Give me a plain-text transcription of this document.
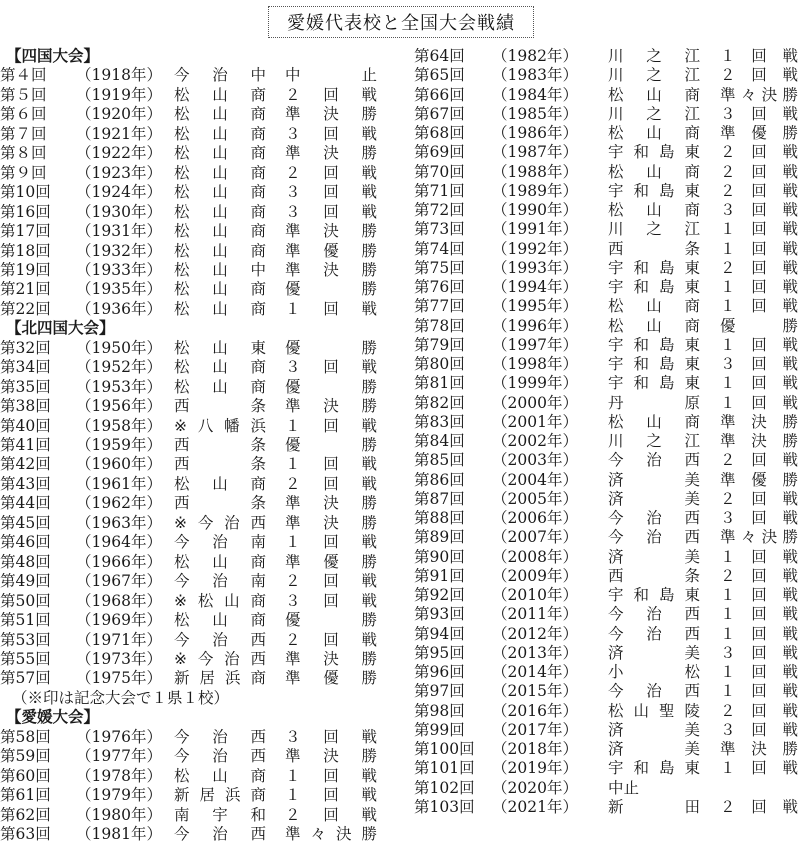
愛媛代表校と全国大会戦績
【四国大会】
第４回 （1918年） 今 治 中 中	止
第５回 （1919年） 松 山 商 ２ 回 戦
第６回 （1920年） 松 山 商 準 決 勝
第７回 （1921年） 松 山 商 ３ 回 戦
第８回 （1922年） 松 山 商 準 決 勝
第９回 （1923年） 松 山 商 ２ 回 戦
第10回 （1924年） 松 山 商 ３ 回 戦
第16回 （1930年） 松 山 商 ３ 回 戦
第17回 （1931年） 松 山 商 準 決 勝
第18回 （1932年） 松 山 商 準 優 勝
第19回 （1933年） 松 山 中 準 決 勝
第21回 （1935年） 松 山 商 優	勝
第22回 （1936年） 松 山 商 １ 回 戦
【北四国大会】
第32回 （1950年） 松 山 東 優	勝
第34回 （1952年） 松 山 商 ３ 回 戦
第35回 （1953年） 松 山 商 優	勝
第38回 （1956年） 西	条 準 決 勝
第40回 （1958年） ※ 八 幡 浜 １ 回 戦
第41回 （1959年） 西	条 優	勝
第42回 （1960年） 西	条 １ 回 戦
第43回 （1961年） 松 山 商 ２ 回 戦
第44回 （1962年） 西	条 準 決 勝
第45回 （1963年） ※ 今 治 西 準 決 勝
第46回 （1964年） 今 治 南 １ 回 戦
第48回 （1966年） 松 山 商 準 優 勝
第49回 （1967年） 今 治 南 ２ 回 戦
第50回 （1968年） ※ 松 山 商 ３ 回 戦
第51回 （1969年） 松 山 商 優	勝
第53回 （1971年） 今 治 西 ２ 回 戦
第55回 （1973年） ※ 今 治 西 準 決 勝
第57回 （1975年） 新 居 浜 商 準 優 勝
（※印は記念大会で１県１校）
【愛媛大会】
第58回 （1976年） 今 治 西 ３ 回 戦
第59回 （1977年） 今 治 西 準 決 勝
第60回 （1978年） 松 山 商 １ 回 戦
第61回 （1979年） 新 居 浜 商 １ 回 戦
第62回 （1980年） 南 宇 和 ２ 回 戦
第63回 （1981年） 今 治 西 準 々 決 勝
第64回 （1982年） 川 之 江 １ 回 戦
第65回 （1983年） 川 之 江 ２ 回 戦
第66回 （1984年） 松 山 商 準 々 決 勝
第67回 （1985年） 川 之 江 ３ 回 戦
第68回 （1986年） 松 山 商 準 優 勝
第69回 （1987年） 宇 和 島 東 ２ 回 戦
第70回 （1988年） 松 山 商 ２ 回 戦
第71回 （1989年） 宇 和 島 東 ２ 回 戦
第72回 （1990年） 松 山 商 ３ 回 戦
第73回 （1991年） 川 之 江 １ 回 戦
第74回 （1992年） 西	条 １ 回 戦
第75回 （1993年） 宇 和 島 東 ２ 回 戦
第76回 （1994年） 宇 和 島 東 １ 回 戦
第77回 （1995年） 松 山 商 １ 回 戦
第78回 （1996年） 松 山 商 優	勝
第79回 （1997年） 宇 和 島 東 １ 回 戦
第80回 （1998年） 宇 和 島 東 ３ 回 戦
第81回 （1999年） 宇 和 島 東 １ 回 戦
第82回 （2000年） 丹	原 １ 回 戦
第83回 （2001年） 松 山 商 準 決 勝
第84回 （2002年） 川 之 江 準 決 勝
第85回 （2003年） 今 治 西 ２ 回 戦
第86回 （2004年） 済	美 準 優 勝
第87回 （2005年） 済	美 ２ 回 戦
第88回 （2006年） 今 治 西 ３ 回 戦
第89回 （2007年） 今 治 西 準 々 決 勝
第90回 （2008年） 済	美 １ 回 戦
第91回 （2009年） 西	条 ２ 回 戦
第92回 （2010年） 宇 和 島 東 １ 回 戦
第93回 （2011年） 今 治 西 １ 回 戦
第94回 （2012年） 今 治 西 １ 回 戦
第95回 （2013年） 済	美 ３ 回 戦
第96回 （2014年） 小	松 １ 回 戦
第97回 （2015年） 今 治 西 １ 回 戦
第98回 （2016年） 松 山 聖 陵 ２ 回 戦
第99回 （2017年） 済	美 ３ 回 戦
第100回 （2018年） 済	美 準 決 勝
第101回 （2019年） 宇 和 島 東 １ 回 戦
第102回 （2020年） 中止
第103回 （2021年） 新	田 ２ 回 戦
